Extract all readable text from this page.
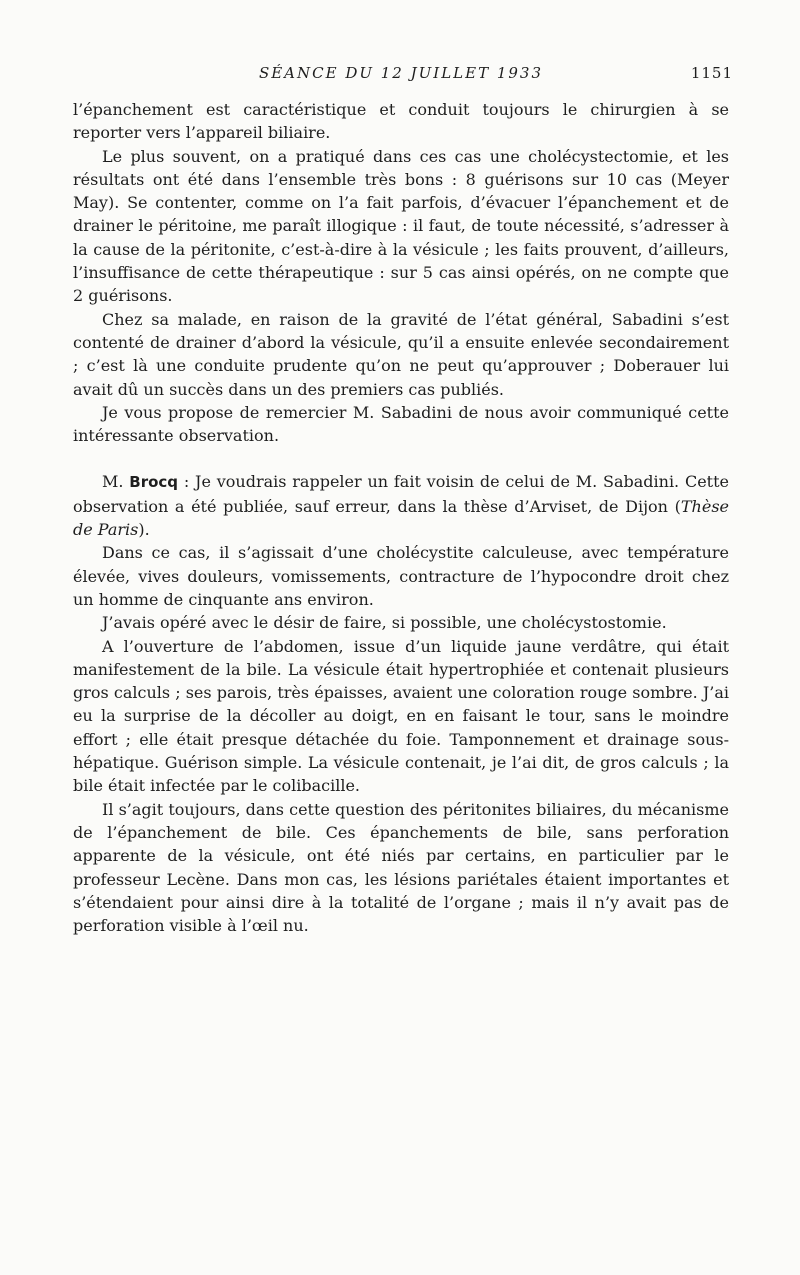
SÉANCE DU 12 JUILLET 1933	1151

l’épanchement est caractéristique et conduit toujours le chirurgien à se reporter vers l’appareil biliaire.

Le plus souvent, on a pratiqué dans ces cas une cholécystectomie, et les résultats ont été dans l’ensemble très bons : 8 guérisons sur 10 cas (Meyer May). Se contenter, comme on l’a fait parfois, d’évacuer l’épanchement et de drainer le péritoine, me paraît illogique : il faut, de toute nécessité, s’adresser à la cause de la péritonite, c’est-à-dire à la vésicule ; les faits prouvent, d’ailleurs, l’insuffisance de cette thérapeutique : sur 5 cas ainsi opérés, on ne compte que 2 guérisons.

Chez sa malade, en raison de la gravité de l’état général, Sabadini s’est contenté de drainer d’abord la vésicule, qu’il a ensuite enlevée secondairement ; c’est là une conduite prudente qu’on ne peut qu’approuver ; Doberauer lui avait dû un succès dans un des premiers cas publiés.

Je vous propose de remercier M. Sabadini de nous avoir communiqué cette intéressante observation.

M. Brocq : Je voudrais rappeler un fait voisin de celui de M. Sabadini. Cette observation a été publiée, sauf erreur, dans la thèse d’Arviset, de Dijon (Thèse de Paris).

Dans ce cas, il s’agissait d’une cholécystite calculeuse, avec température élevée, vives douleurs, vomissements, contracture de l’hypocondre droit chez un homme de cinquante ans environ.

J’avais opéré avec le désir de faire, si possible, une cholécystostomie.

A l’ouverture de l’abdomen, issue d’un liquide jaune verdâtre, qui était manifestement de la bile. La vésicule était hypertrophiée et contenait plusieurs gros calculs ; ses parois, très épaisses, avaient une coloration rouge sombre. J’ai eu la surprise de la décoller au doigt, en en faisant le tour, sans le moindre effort ; elle était presque détachée du foie. Tamponnement et drainage sous-hépatique. Guérison simple. La vésicule contenait, je l’ai dit, de gros calculs ; la bile était infectée par le colibacille.

Il s’agit toujours, dans cette question des péritonites biliaires, du mécanisme de l’épanchement de bile. Ces épanchements de bile, sans perforation apparente de la vésicule, ont été niés par certains, en particulier par le professeur Lecène. Dans mon cas, les lésions pariétales étaient importantes et s’étendaient pour ainsi dire à la totalité de l’organe ; mais il n’y avait pas de perforation visible à l’œil nu.
